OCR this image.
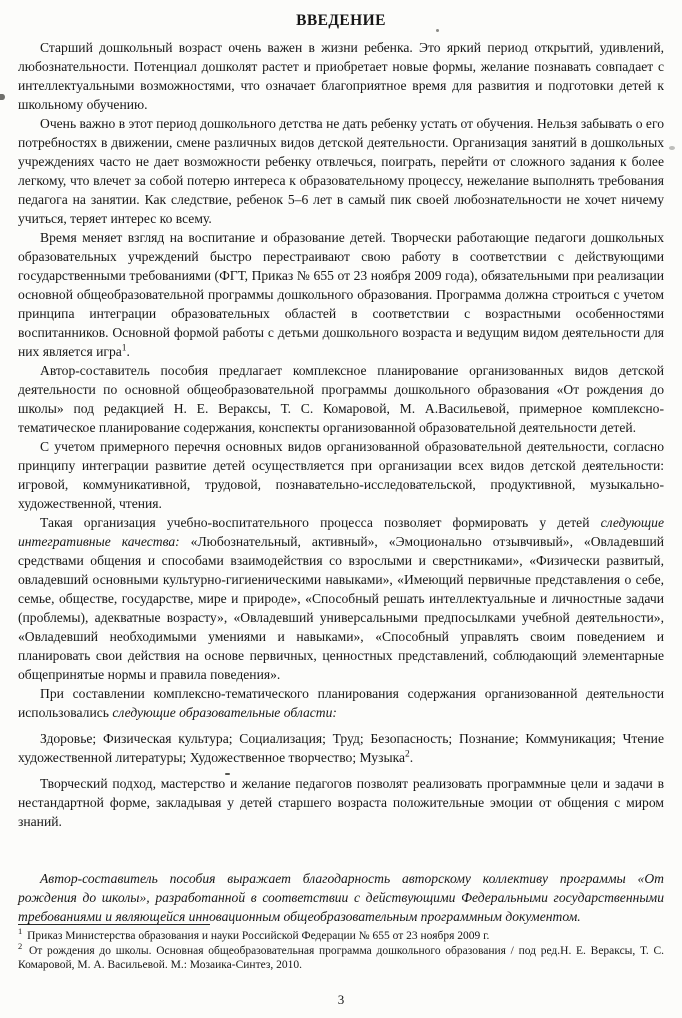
ВВЕДЕНИЕ

Старший дошкольный возраст очень важен в жизни ребенка. Это яркий период открытий, удивлений, любознательности. Потенциал дошколят растет и приобретает новые формы, желание познавать совпадает с интеллектуальными возможностями, что означает благоприятное время для развития и подготовки детей к школьному обучению.

Очень важно в этот период дошкольного детства не дать ребенку устать от обучения. Нельзя забывать о его потребностях в движении, смене различных видов детской деятельности. Организация занятий в дошкольных учреждениях часто не дает возможности ребенку отвлечься, поиграть, перейти от сложного задания к более легкому, что влечет за собой потерю интереса к образовательному процессу, нежелание выполнять требования педагога на занятии. Как следствие, ребенок 5–6 лет в самый пик своей любознательности не хочет ничему учиться, теряет интерес ко всему.

Время меняет взгляд на воспитание и образование детей. Творчески работающие педагоги дошкольных образовательных учреждений быстро перестраивают свою работу в соответствии с действующими государственными требованиями (ФГТ, Приказ № 655 от 23 ноября 2009 года), обязательными при реализации основной общеобразовательной программы дошкольного образования. Программа должна строиться с учетом принципа интеграции образовательных областей в соответствии с возрастными особенностями воспитанников. Основной формой работы с детьми дошкольного возраста и ведущим видом деятельности для них является игра$^1$.

Автор-составитель пособия предлагает комплексное планирование организованных видов детской деятельности по основной общеобразовательной программы дошкольного образования «От рождения до школы» под редакцией Н. Е. Вераксы, Т. С. Комаровой, М. А.Васильевой, примерное комплексно-тематическое планирование содержания, конспекты организованной образовательной деятельности детей.

С учетом примерного перечня основных видов организованной образовательной деятельности, согласно принципу интеграции развитие детей осуществляется при организации всех видов детской деятельности: игровой, коммуникативной, трудовой, познавательно-исследовательской, продуктивной, музыкально-художественной, чтения.

Такая организация учебно-воспитательного процесса позволяет формировать у детей следующие интегративные качества: «Любознательный, активный», «Эмоционально отзывчивый», «Овладевший средствами общения и способами взаимодействия со взрослыми и сверстниками», «Физически развитый, овладевший основными культурно-гигиеническими навыками», «Имеющий первичные представления о себе, семье, обществе, государстве, мире и природе», «Способный решать интеллектуальные и личностные задачи (проблемы), адекватные возрасту», «Овладевший универсальными предпосылками учебной деятельности», «Овладевший необходимыми умениями и навыками», «Способный управлять своим поведением и планировать свои действия на основе первичных, ценностных представлений, соблюдающий элементарные общепринятые нормы и правила поведения».

При составлении комплексно-тематического планирования содержания организованной деятельности использовались следующие образовательные области:

Здоровье; Физическая культура; Социализация; Труд; Безопасность; Познание; Коммуникация; Чтение художественной литературы; Художественное творчество; Музыка$^2$.

Творческий подход, мастерство и желание педагогов позволят реализовать программные цели и задачи в нестандартной форме, закладывая у детей старшего возраста положительные эмоции от общения с миром знаний.

Автор-составитель пособия выражает благодарность авторскому коллективу программы «От рождения до школы», разработанной в соответствии с действующими Федеральными государственными требованиями и являющейся инновационным общеобразовательным программным документом.

$^1$ Приказ Министерства образования и науки Российской Федерации № 655 от 23 ноября 2009 г.

$^2$ От рождения до школы. Основная общеобразовательная программа дошкольного образования / под ред.Н. Е. Вераксы, Т. С. Комаровой, М. А. Васильевой. М.: Мозаика-Синтез, 2010.

3
